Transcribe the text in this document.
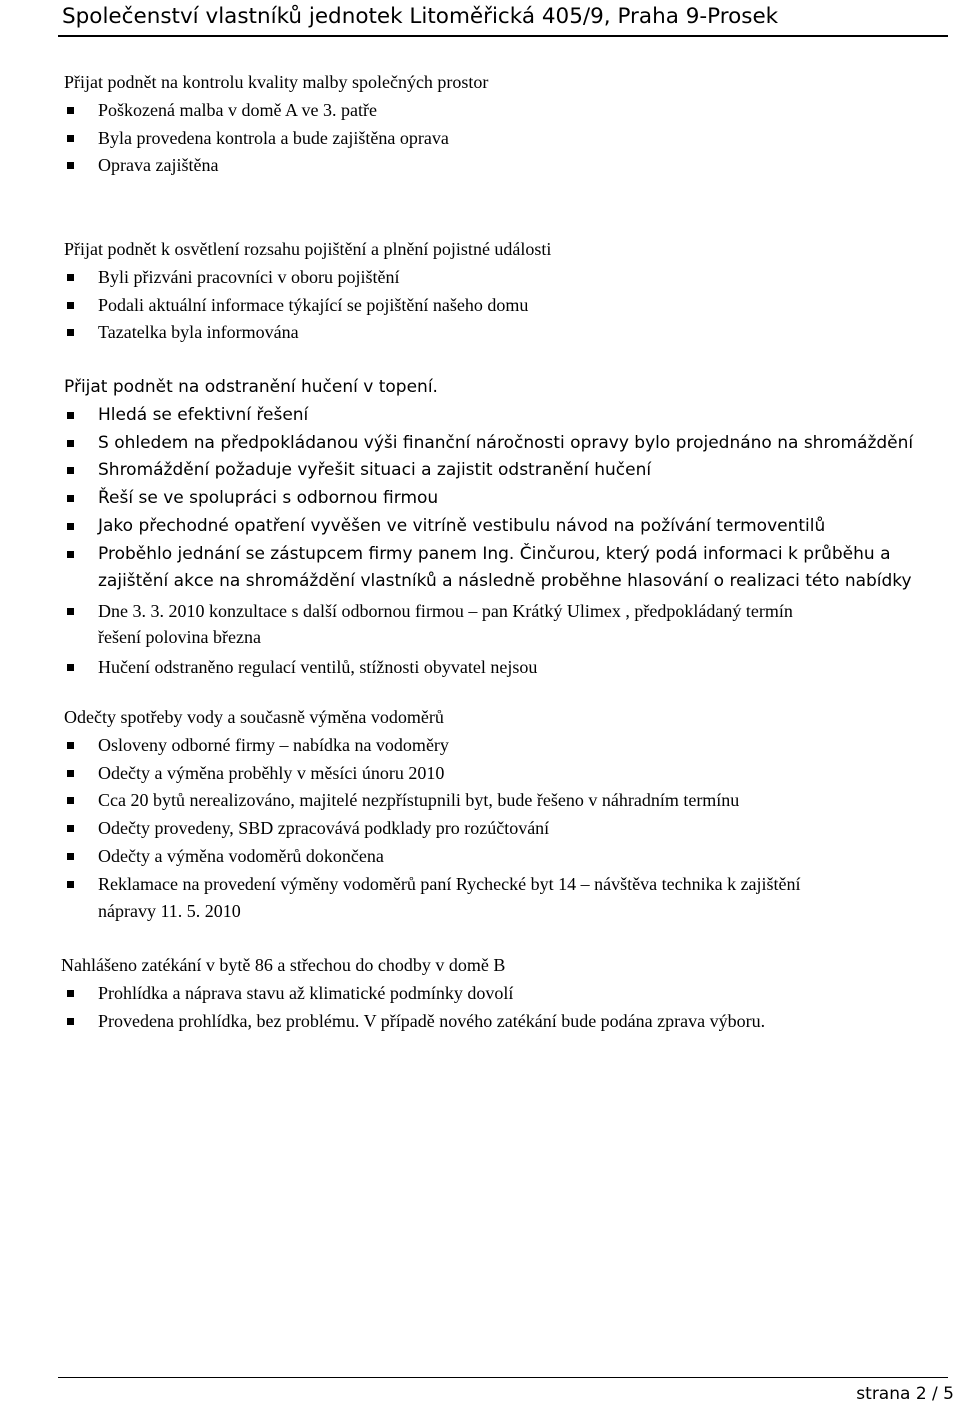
Společenství vlastníků jednotek Litoměřická 405/9, Praha 9-Prosek
Přijat podnět na kontrolu kvality malby společných prostor
Poškozená malba v domě A ve 3. patře
Byla provedena kontrola a bude zajištěna oprava
Oprava zajištěna
Přijat podnět k osvětlení rozsahu pojištění a plnění pojistné události
Byli přizváni pracovníci v oboru pojištění
Podali aktuální informace týkající se pojištění našeho domu
Tazatelka byla informována
Přijat podnět na odstranění hučení v topení.
Hledá se efektivní řešení
S ohledem na předpokládanou výši finanční náročnosti opravy bylo projednáno na shromáždění
Shromáždění požaduje vyřešit situaci a zajistit odstranění hučení
Řeší se ve spolupráci s odbornou firmou
Jako přechodné opatření vyvěšen ve vitríně vestibulu návod na požívání termoventilů
Proběhlo jednání se zástupcem firmy panem Ing. Činčurou, který podá informaci k průběhu a
zajištění akce na shromáždění vlastníků a následně proběhne hlasování o realizaci této nabídky
Dne 3. 3. 2010 konzultace s další odbornou firmou – pan Krátký Ulimex , předpokládaný termín
řešení polovina března
Hučení odstraněno regulací ventilů, stížnosti obyvatel nejsou
Odečty spotřeby vody a současně výměna vodoměrů
Osloveny odborné firmy – nabídka na vodoměry
Odečty a výměna proběhly v měsíci únoru 2010
Cca 20 bytů nerealizováno, majitelé nezpřístupnili byt, bude řešeno v náhradním termínu
Odečty provedeny, SBD zpracovává podklady pro rozúčtování
Odečty a výměna vodoměrů dokončena
Reklamace na provedení výměny vodoměrů paní Rychecké byt 14 – návštěva technika k zajištění
nápravy 11. 5. 2010
Nahlášeno zatékání v bytě 86 a střechou do chodby v domě B
Prohlídka a náprava stavu až klimatické podmínky dovolí
Provedena prohlídka, bez problému. V případě nového zatékání bude podána zprava výboru.
strana 2 / 5
